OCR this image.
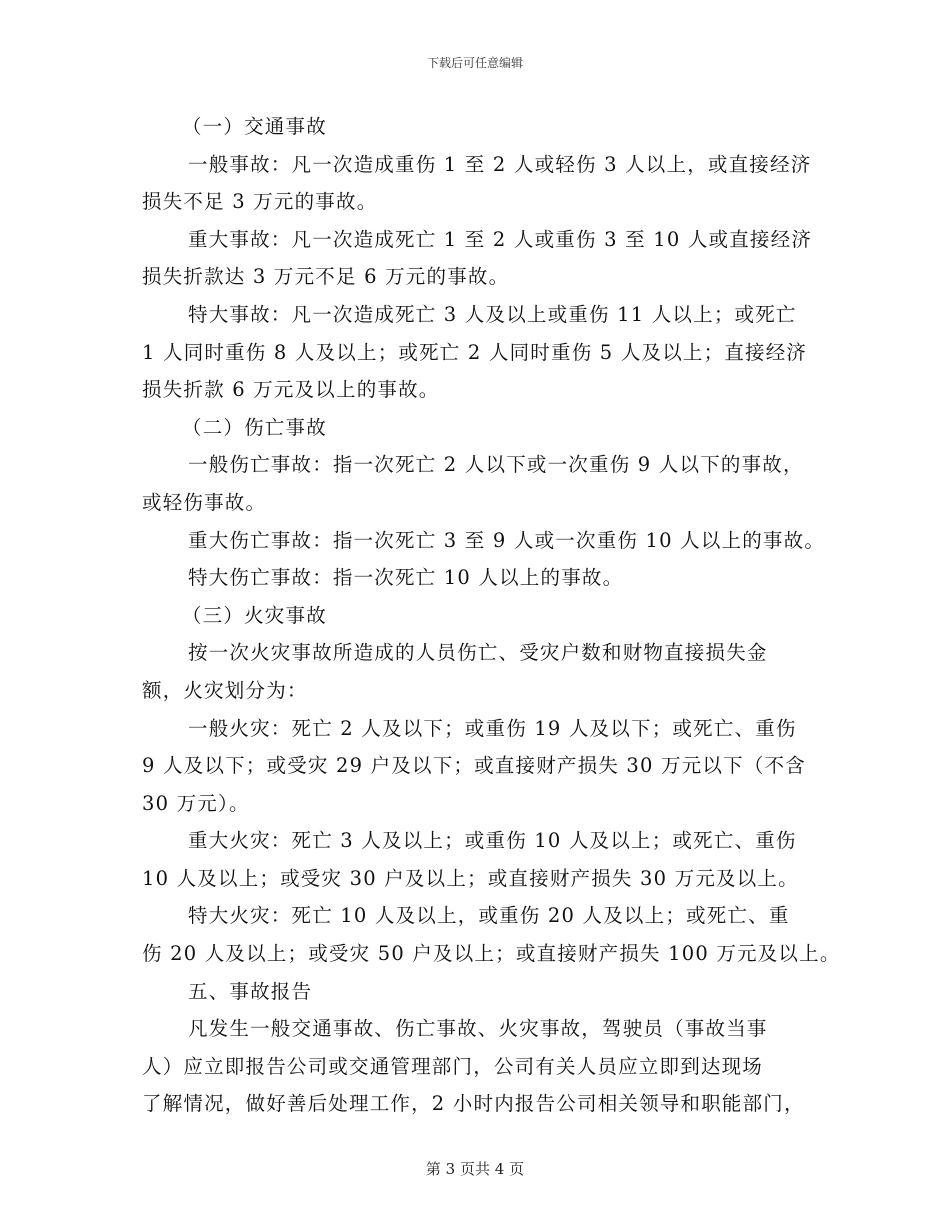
下载后可任意编辑
（一）交通事故
一般事故：凡一次造成重伤 1 至 2 人或轻伤 3 人以上，或直接经济
损失不足 3 万元的事故。
重大事故：凡一次造成死亡 1 至 2 人或重伤 3 至 10 人或直接经济
损失折款达 3 万元不足 6 万元的事故。
特大事故：凡一次造成死亡 3 人及以上或重伤 11 人以上；或死亡
1 人同时重伤 8 人及以上；或死亡 2 人同时重伤 5 人及以上；直接经济
损失折款 6 万元及以上的事故。
（二）伤亡事故
一般伤亡事故：指一次死亡 2 人以下或一次重伤 9 人以下的事故，
或轻伤事故。
重大伤亡事故：指一次死亡 3 至 9 人或一次重伤 10 人以上的事故。
特大伤亡事故：指一次死亡 10 人以上的事故。
（三）火灾事故
按一次火灾事故所造成的人员伤亡、受灾户数和财物直接损失金
额，火灾划分为：
一般火灾：死亡 2 人及以下；或重伤 19 人及以下；或死亡、重伤
9 人及以下；或受灾 29 户及以下；或直接财产损失 30 万元以下（不含
30 万元）。
重大火灾：死亡 3 人及以上；或重伤 10 人及以上；或死亡、重伤
10 人及以上；或受灾 30 户及以上；或直接财产损失 30 万元及以上。
特大火灾：死亡 10 人及以上，或重伤 20 人及以上；或死亡、重
伤 20 人及以上；或受灾 50 户及以上；或直接财产损失 100 万元及以上。
五、事故报告
凡发生一般交通事故、伤亡事故、火灾事故，驾驶员（事故当事
人）应立即报告公司或交通管理部门，公司有关人员应立即到达现场
了解情况，做好善后处理工作，2 小时内报告公司相关领导和职能部门，
第 3 页共 4 页
